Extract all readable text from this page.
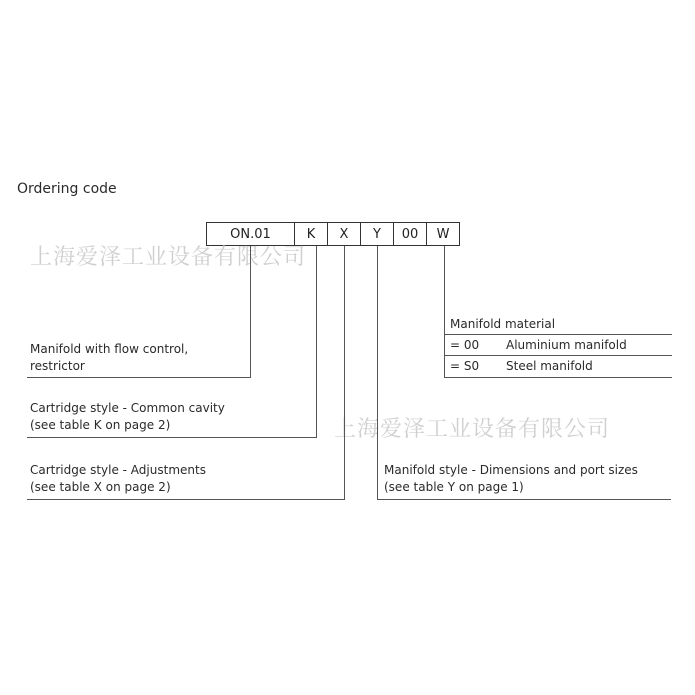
Ordering code
ON.01	K	X	Y	00	W
上海爱泽工业设备有限公司
上海爱泽工业设备有限公司
Manifold with flow control,
restrictor
Cartridge style - Common cavity
(see table K on page 2)
Cartridge style - Adjustments
(see table X on page 2)
Manifold style - Dimensions and port sizes
(see table Y on page 1)
Manifold material
= 00	Aluminium manifold
= S0	Steel manifold
